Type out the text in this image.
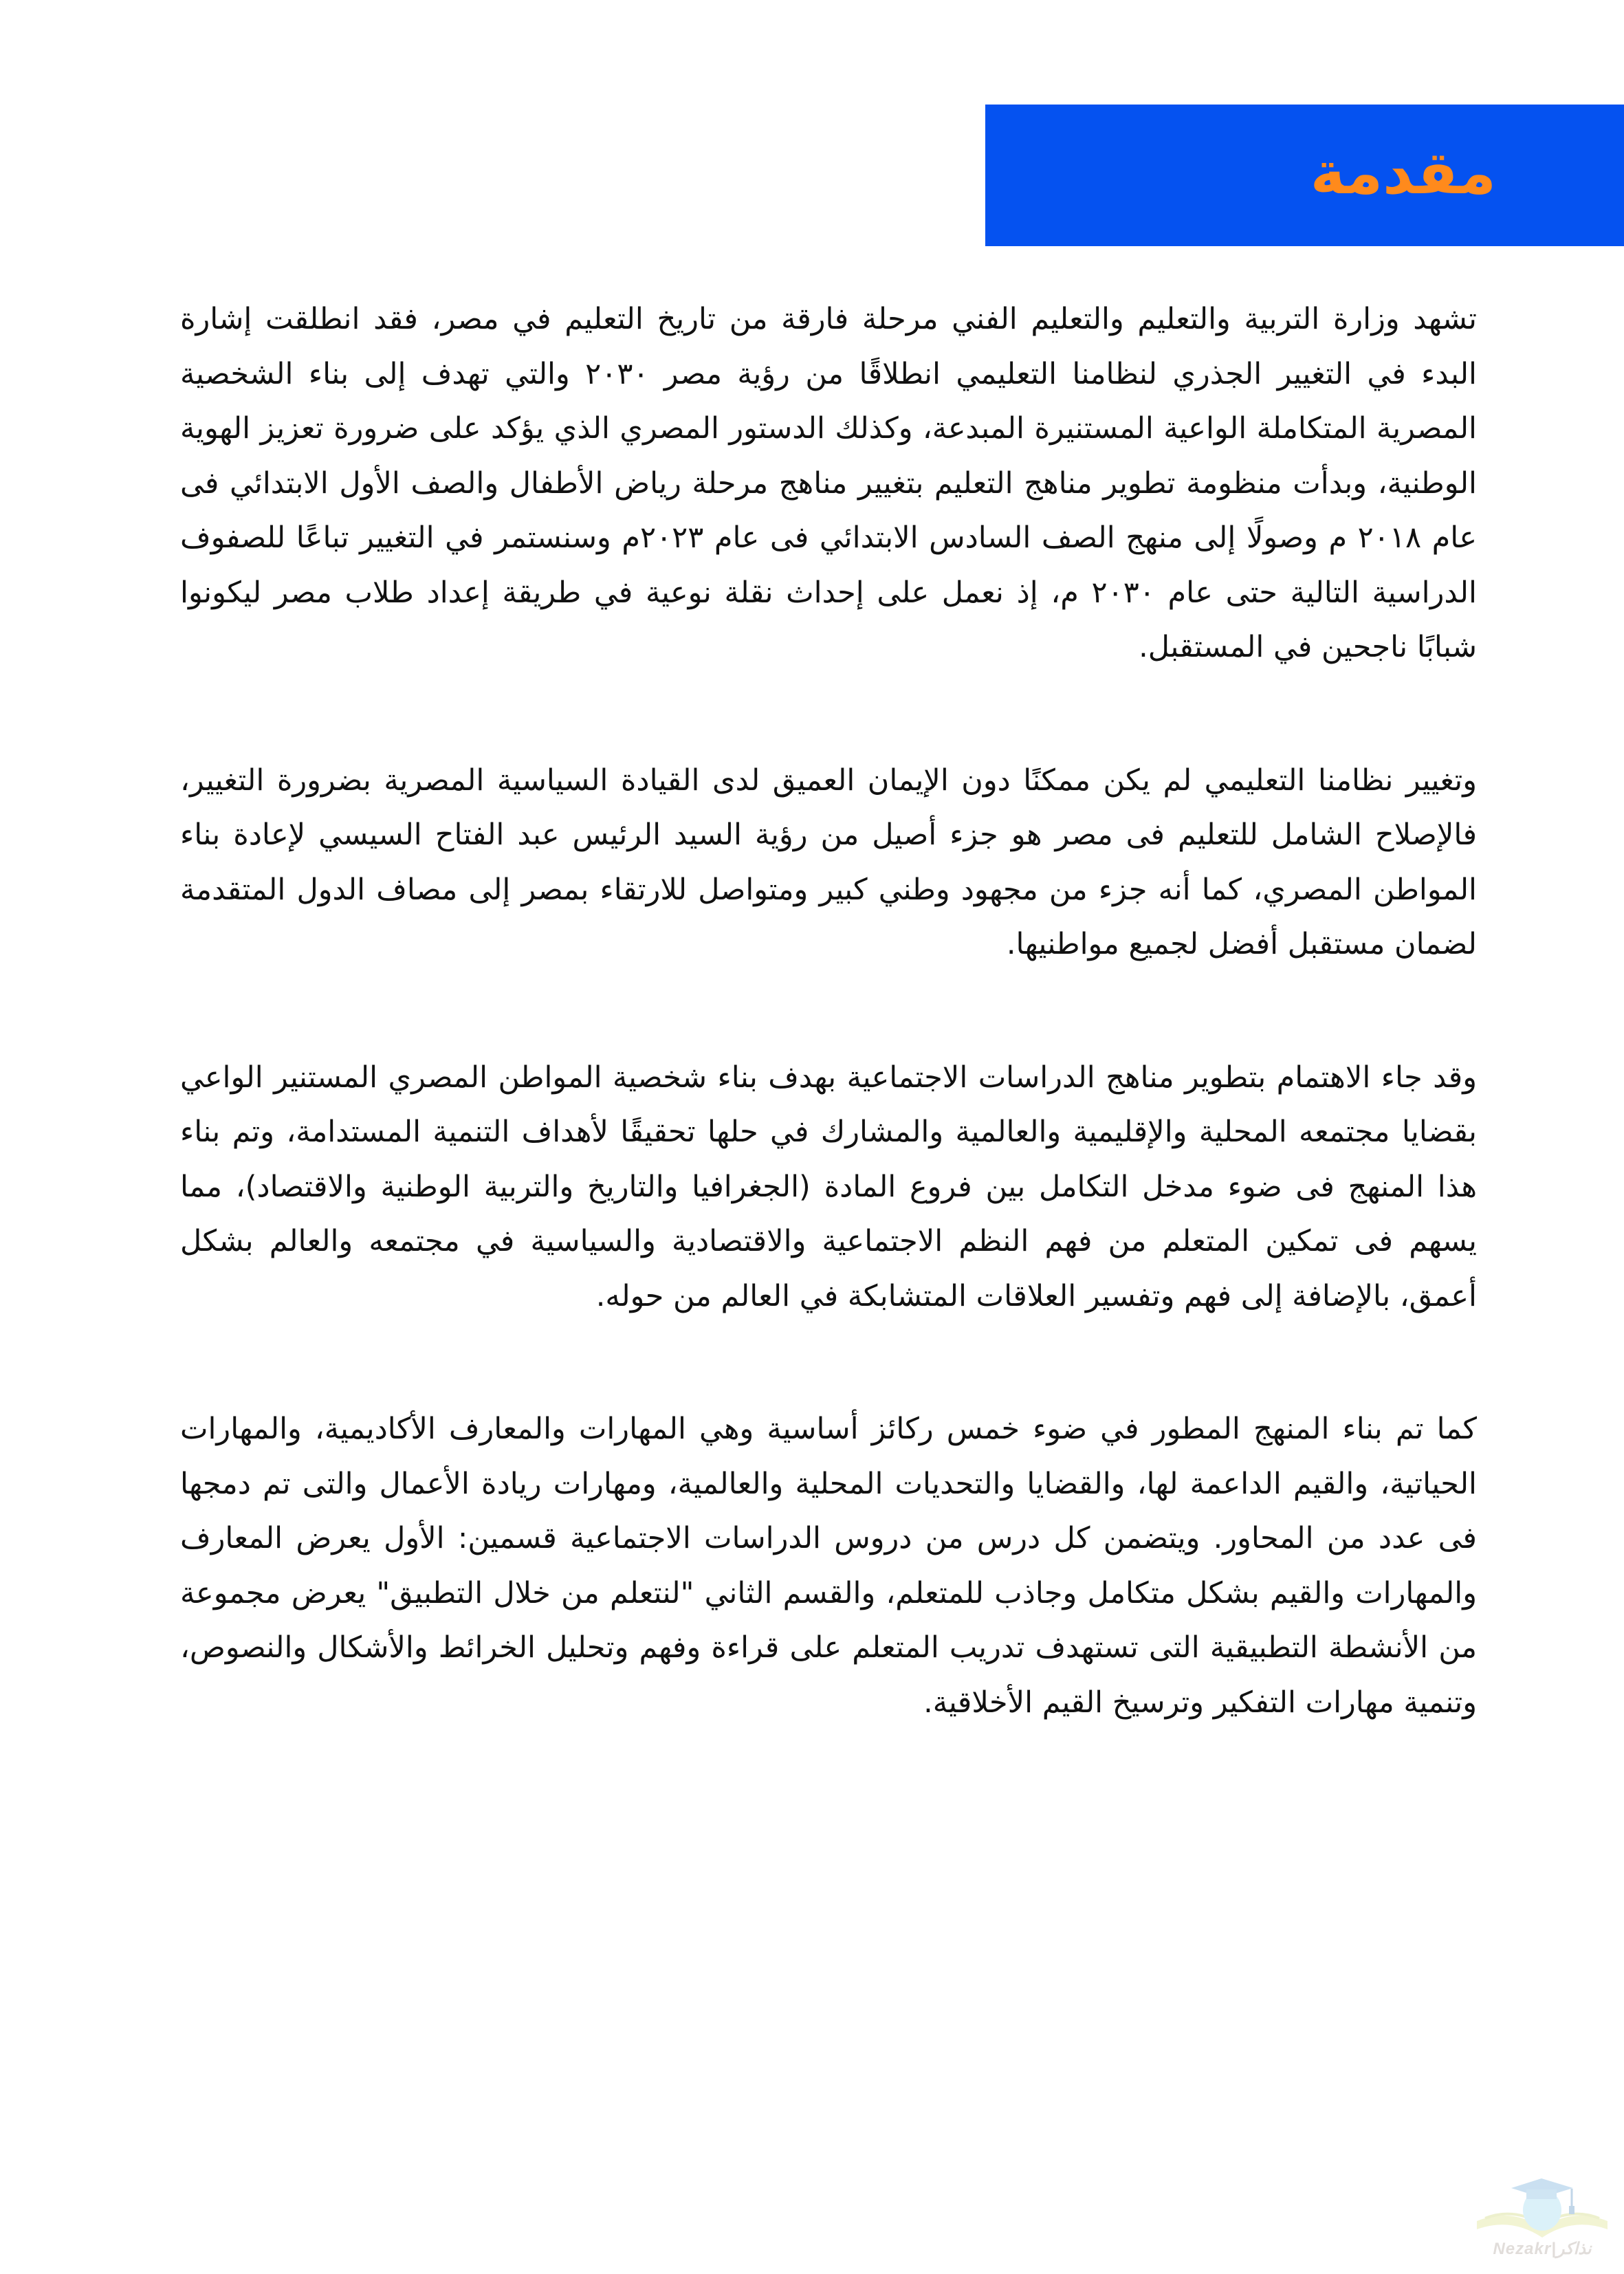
مقدمة

تشهد وزارة التربية والتعليم والتعليم الفني مرحلة فارقة من تاريخ التعليم في مصر، فقد انطلقت إشارة البدء في التغيير الجذري لنظامنا التعليمي انطلاقًا من رؤية مصر ٢٠٣٠ والتي تهدف إلى بناء الشخصية المصرية المتكاملة الواعية المستنيرة المبدعة، وكذلك الدستور المصري الذي يؤكد على ضرورة تعزيز الهوية الوطنية، وبدأت منظومة تطوير مناهج التعليم بتغيير مناهج مرحلة رياض الأطفال والصف الأول الابتدائي فى عام ٢٠١٨ م وصولًا إلى منهج الصف السادس الابتدائي فى عام ٢٠٢٣م وسنستمر في التغيير تباعًا للصفوف الدراسية التالية حتى عام ٢٠٣٠ م، إذ نعمل على إحداث نقلة نوعية في طريقة إعداد طلاب مصر ليكونوا شبابًا ناجحين في المستقبل.

وتغيير نظامنا التعليمي لم يكن ممكنًا دون الإيمان العميق لدى القيادة السياسية المصرية بضرورة التغيير، فالإصلاح الشامل للتعليم فى مصر هو جزء أصيل من رؤية السيد الرئيس عبد الفتاح السيسي لإعادة بناء المواطن المصري، كما أنه جزء من مجهود وطني كبير ومتواصل للارتقاء بمصر إلى مصاف الدول المتقدمة لضمان مستقبل أفضل لجميع مواطنيها.

وقد جاء الاهتمام بتطوير مناهج الدراسات الاجتماعية بهدف بناء شخصية المواطن المصري المستنير الواعي بقضايا مجتمعه المحلية والإقليمية والعالمية والمشارك في حلها تحقيقًا لأهداف التنمية المستدامة، وتم بناء هذا المنهج فى ضوء مدخل التكامل بين فروع المادة (الجغرافيا والتاريخ والتربية الوطنية والاقتصاد)، مما يسهم فى تمكين المتعلم من فهم النظم الاجتماعية والاقتصادية والسياسية في مجتمعه والعالم بشكل أعمق، بالإضافة إلى فهم وتفسير العلاقات المتشابكة في العالم من حوله.

كما تم بناء المنهج المطور في ضوء خمس ركائز أساسية وهي المهارات والمعارف الأكاديمية، والمهارات الحياتية، والقيم الداعمة لها، والقضايا والتحديات المحلية والعالمية، ومهارات ريادة الأعمال والتى تم دمجها فى عدد من المحاور. ويتضمن كل درس من دروس الدراسات الاجتماعية قسمين: الأول يعرض المعارف والمهارات والقيم بشكل متكامل وجاذب للمتعلم، والقسم الثاني "لنتعلم من خلال التطبيق" يعرض مجموعة من الأنشطة التطبيقية التى تستهدف تدريب المتعلم على قراءة وفهم وتحليل الخرائط والأشكال والنصوص، وتنمية مهارات التفكير وترسيخ القيم الأخلاقية.

Nezakr|نذاكر
